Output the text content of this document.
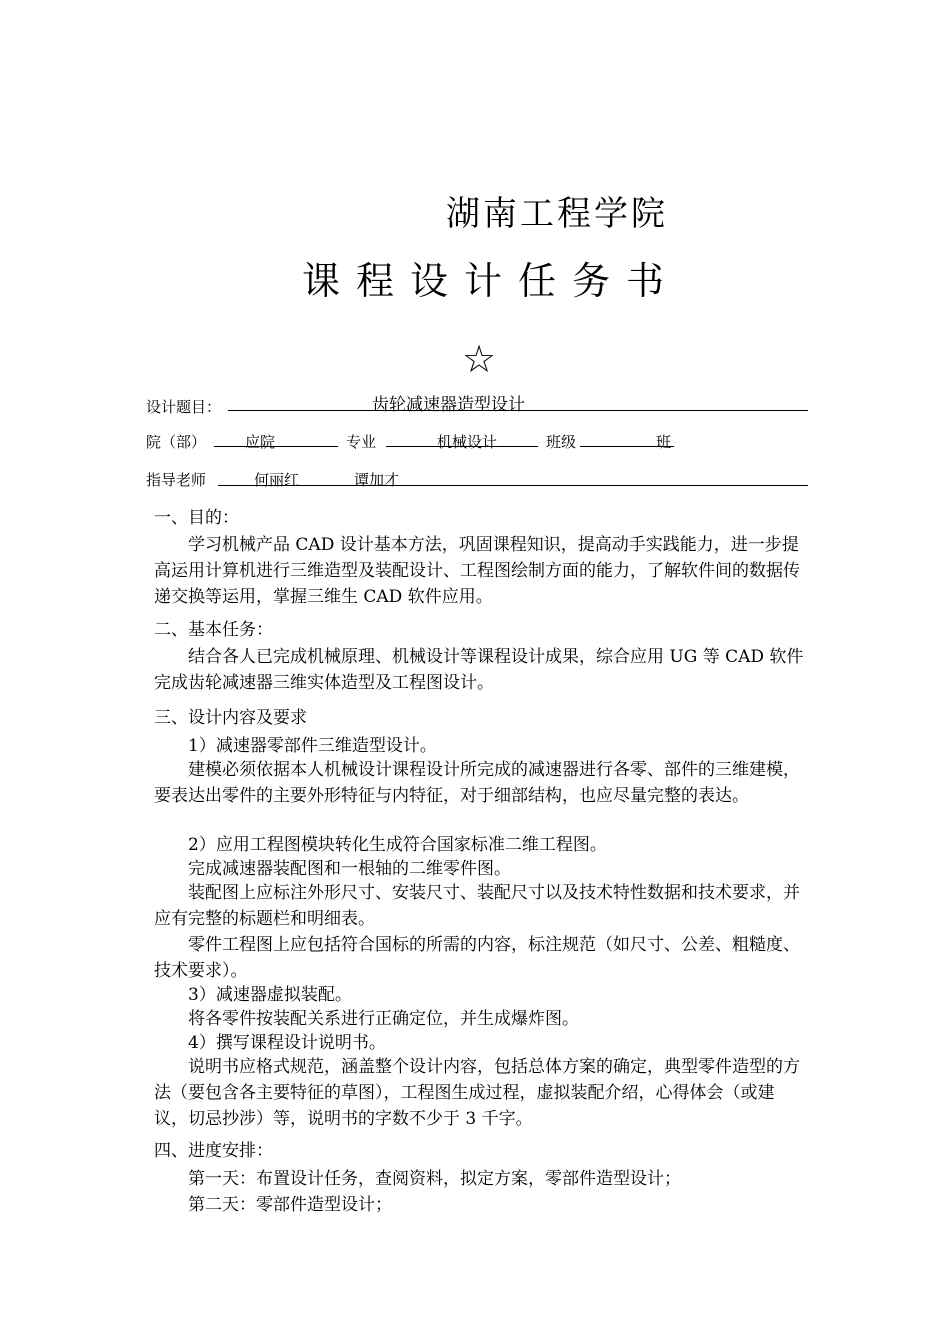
湖南工程学院
课程设计任务书
☆
设计题目：	齿轮减速器造型设计
院（部）	应院	专业	机械设计	班级	班
指导老师	何丽红	谭加才
一、目的：
学习机械产品 CAD 设计基本方法，巩固课程知识，提高动手实践能力，进一步提高运用计算机进行三维造型及装配设计、工程图绘制方面的能力，了解软件间的数据传递交换等运用，掌握三维生 CAD 软件应用。
二、基本任务：
结合各人已完成机械原理、机械设计等课程设计成果，综合应用 UG 等 CAD 软件完成齿轮减速器三维实体造型及工程图设计。
三、设计内容及要求
1）减速器零部件三维造型设计。
建模必须依据本人机械设计课程设计所完成的减速器进行各零、部件的三维建模，要表达出零件的主要外形特征与内特征，对于细部结构，也应尽量完整的表达。
2）应用工程图模块转化生成符合国家标准二维工程图。
完成减速器装配图和一根轴的二维零件图。
装配图上应标注外形尺寸、安装尺寸、装配尺寸以及技术特性数据和技术要求，并应有完整的标题栏和明细表。
零件工程图上应包括符合国标的所需的内容，标注规范（如尺寸、公差、粗糙度、技术要求）。
3）减速器虚拟装配。
将各零件按装配关系进行正确定位，并生成爆炸图。
4）撰写课程设计说明书。
说明书应格式规范，涵盖整个设计内容，包括总体方案的确定，典型零件造型的方法（要包含各主要特征的草图），工程图生成过程，虚拟装配介绍，心得体会（或建议，切忌抄涉）等，说明书的字数不少于 3 千字。
四、进度安排：
第一天：布置设计任务，查阅资料，拟定方案，零部件造型设计；
第二天：零部件造型设计；
